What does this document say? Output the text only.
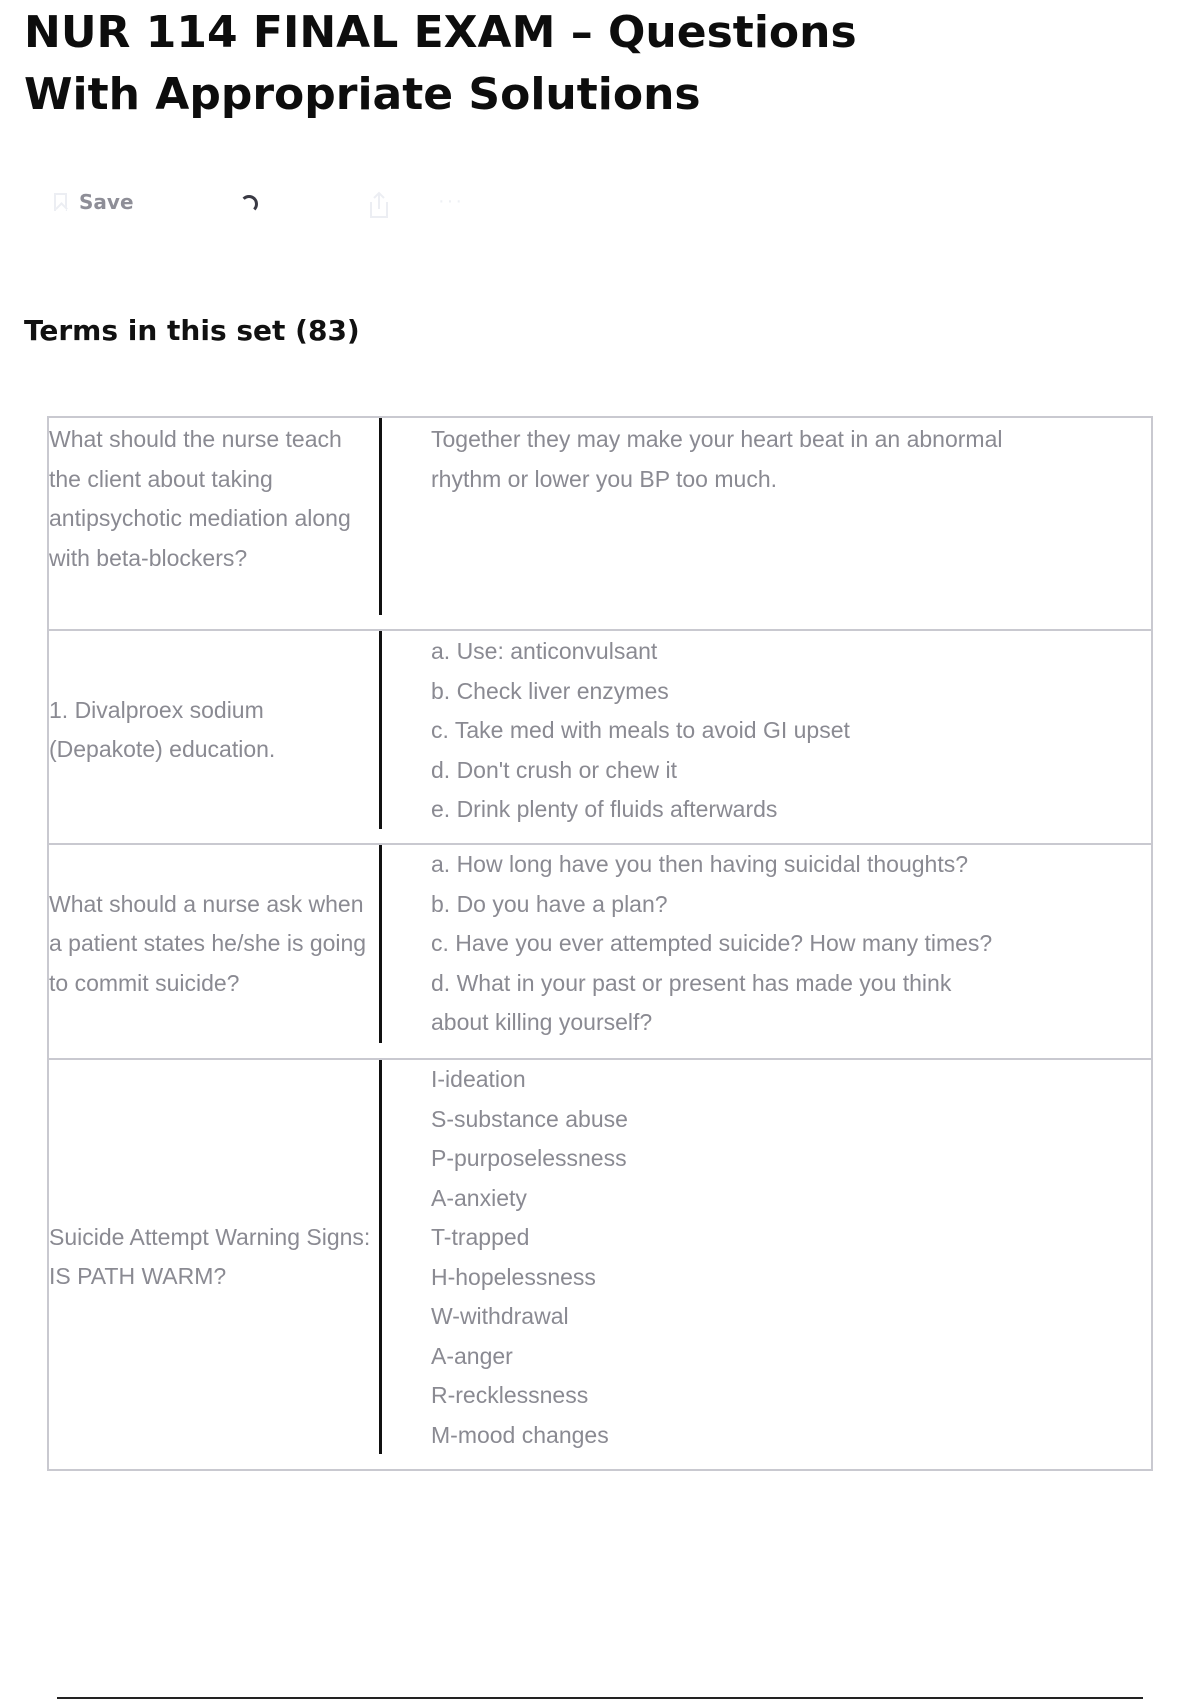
NUR 114 FINAL EXAM – Questions With Appropriate Solutions
Save	···
Terms in this set (83)
What should the nurse teach the client about taking antipsychotic mediation along with beta-blockers?
Together they may make your heart beat in an abnormal
rhythm or lower you BP too much.
1. Divalproex sodium (Depakote) education.
a. Use: anticonvulsant
b. Check liver enzymes
c. Take med with meals to avoid GI upset
d. Don't crush or chew it
e. Drink plenty of fluids afterwards
What should a nurse ask when a patient states he/she is going to commit suicide?
a. How long have you then having suicidal thoughts?
b. Do you have a plan?
c. Have you ever attempted suicide? How many times?
d. What in your past or present has made you think
about killing yourself?
Suicide Attempt Warning Signs: IS PATH WARM?
I-ideation
S-substance abuse
P-purposelessness
A-anxiety
T-trapped
H-hopelessness
W-withdrawal
A-anger
R-recklessness
M-mood changes
